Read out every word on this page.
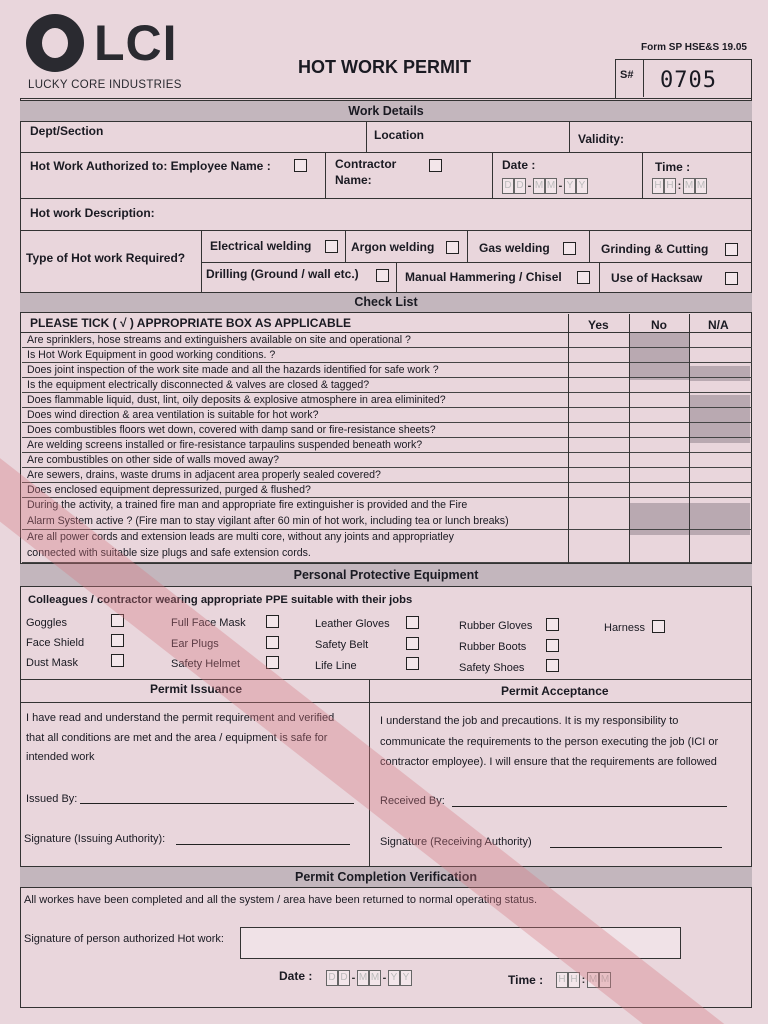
LCI
LUCKY CORE INDUSTRIES
HOT WORK PERMIT
Form SP HSE&S 19.05
S#	0705
Work Details
Dept/Section	Location	Validity:
Hot Work Authorized to: Employee Name :	Contractor
Name:
Date :
D D - M M - Y Y
Time :
H H : M M
Hot work Description:
Type of Hot work Required?
Electrical welding	Argon welding	Gas welding	Grinding & Cutting
Drilling (Ground / wall etc.)	Manual Hammering / Chisel	Use of Hacksaw
Check List
PLEASE TICK ( √ ) APPROPRIATE BOX AS APPLICABLE	Yes	No	N/A
Are sprinklers, hose streams and extinguishers available on site and operational ?
Is Hot Work Equipment in good working conditions. ?
Does joint inspection of the work site made and all the hazards identified for safe work ?
Is the equipment electrically disconnected & valves are closed & tagged?
Does flammable liquid, dust, lint, oily deposits & explosive atmosphere in area eliminited?
Does wind direction & area ventilation is suitable for hot work?
Does combustibles floors wet down, covered with damp sand or fire-resistance sheets?
Are welding screens installed or fire-resistance tarpaulins suspended beneath work?
Are combustibles on other side of walls moved away?
Are sewers, drains, waste drums in adjacent area properly sealed covered?
Does enclosed equipment depressurized, purged & flushed?
During the activity, a trained fire man and appropriate fire extinguisher is provided and the Fire
Alarm System active ? (Fire man to stay vigilant after 60 min of hot work, including tea or lunch breaks)
Are all power cords and extension leads are multi core, without any joints and appropriatley
connected with suitable size plugs and safe extension cords.
Personal Protective Equipment
Colleagues / contractor wearing appropriate PPE suitable with their jobs
Goggles
Face Shield
Dust Mask
Full Face Mask
Ear Plugs
Safety Helmet
Leather Gloves
Safety Belt
Life Line
Rubber Gloves
Rubber Boots
Safety Shoes
Harness
Permit Issuance	Permit Acceptance
I have read and understand the permit requirement and verified
that all conditions are met and the area / equipment is safe for
intended work
Issued By:
Signature (Issuing Authority):
I understand the job and precautions. It is my responsibility to
communicate the requirements to the person executing the job (ICI or
contractor employee). I will ensure that the requirements are followed
Received By:
Signature (Receiving Authority)
Permit Completion Verification
All workes have been completed and all the system / area have been returned to normal operating status.
Signature of person authorized Hot work:
Date : D D - M M - Y Y	Time : H H : M M
